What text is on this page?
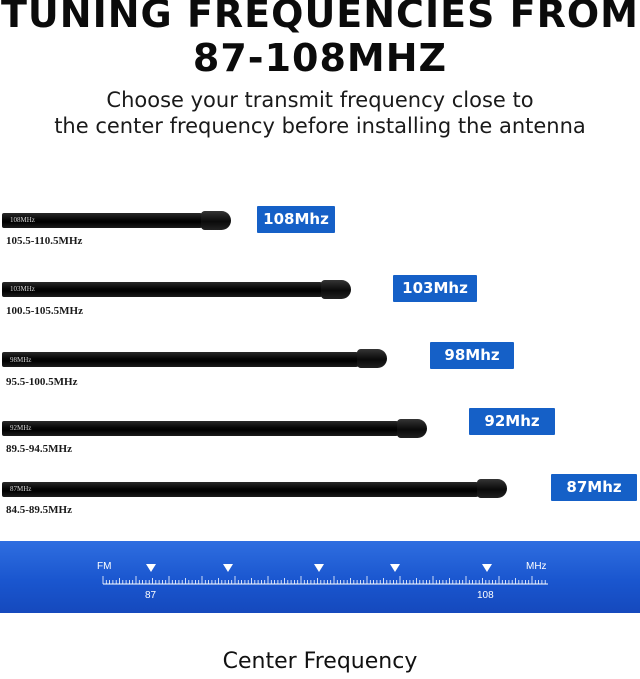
TUNING FREQUENCIES FROM
87-108MHZ
Choose your transmit frequency close to
the center frequency before installing the antenna
108MHz
105.5-110.5MHz
108Mhz
103MHz
100.5-105.5MHz
103Mhz
98MHz
95.5-100.5MHz
98Mhz
92MHz
89.5-94.5MHz
92Mhz
87MHz
84.5-89.5MHz
87Mhz
FM	MHz
87	108
Center Frequency
